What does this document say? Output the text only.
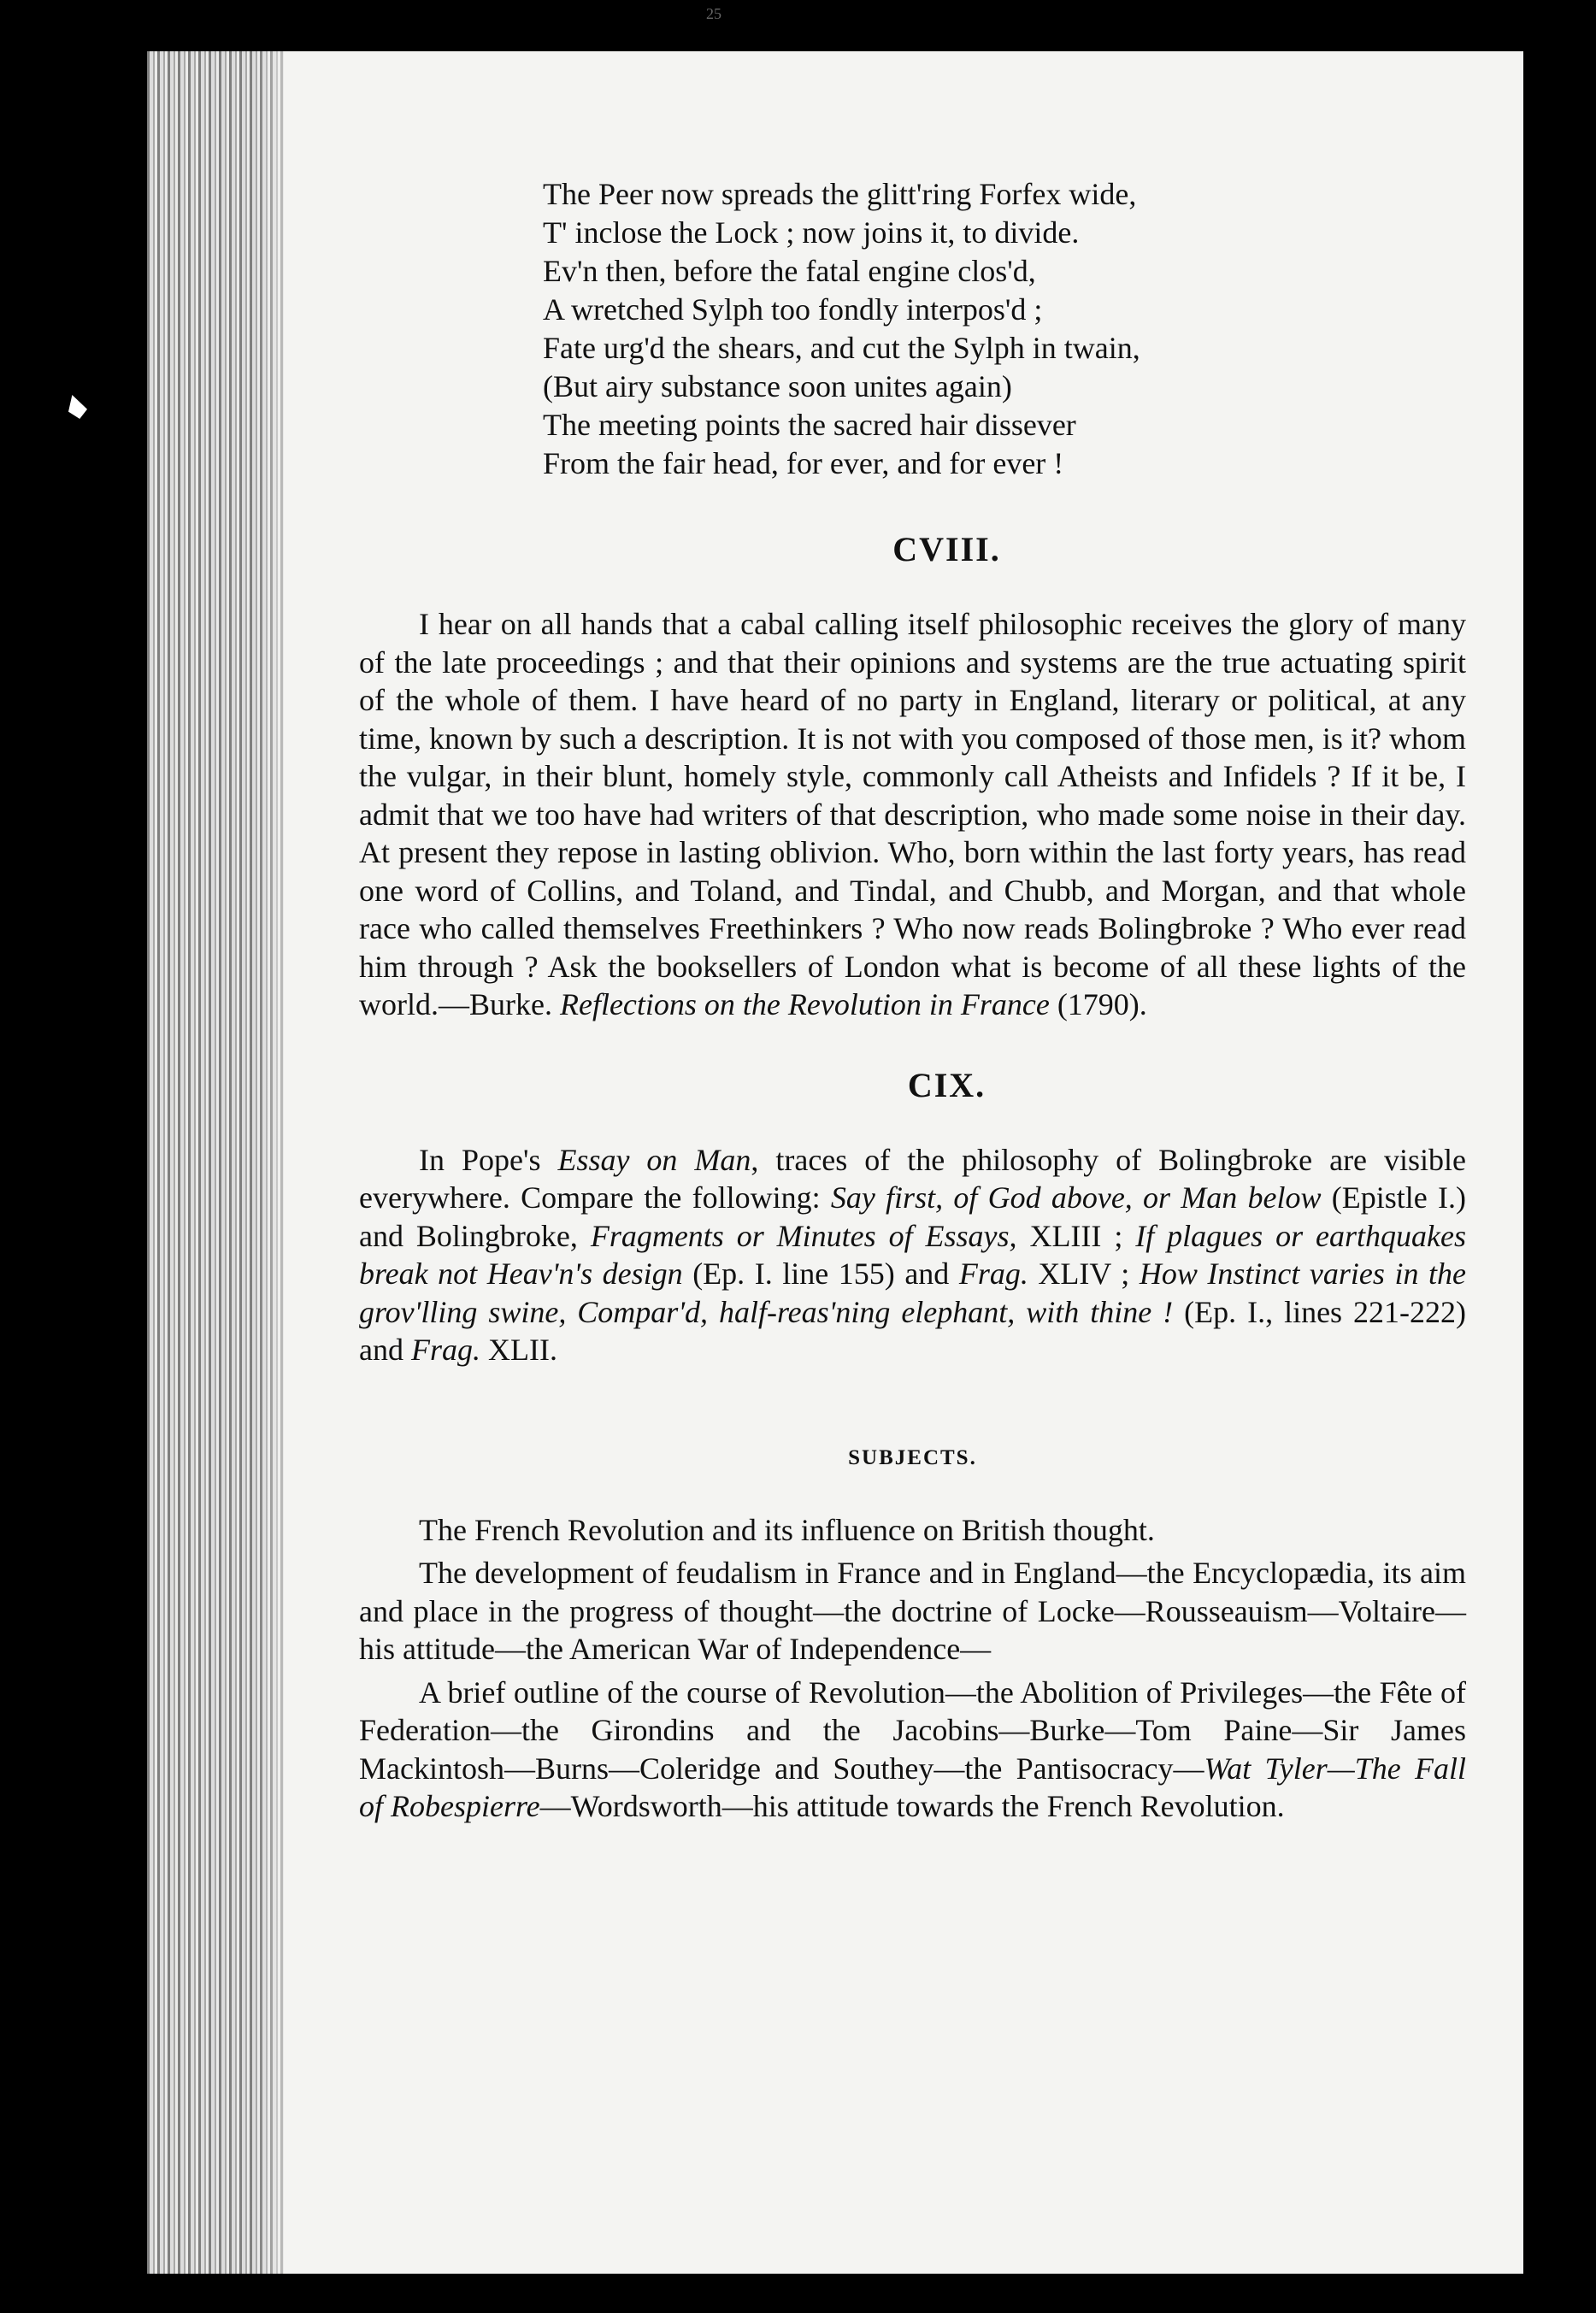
25
The Peer now spreads the glitt'ring Forfex wide,
T' inclose the Lock ; now joins it, to divide.
Ev'n then, before the fatal engine clos'd,
A wretched Sylph too fondly interpos'd ;
Fate urg'd the shears, and cut the Sylph in twain,
(But airy substance soon unites again)
The meeting points the sacred hair dissever
From the fair head, for ever, and for ever !
CVIII.

I hear on all hands that a cabal calling itself philosophic receives the glory of many of the late proceedings ; and that their opinions and systems are the true actuating spirit of the whole of them. I have heard of no party in England, literary or political, at any time, known by such a description. It is not with you composed of those men, is it? whom the vulgar, in their blunt, homely style, commonly call Atheists and Infidels ? If it be, I admit that we too have had writers of that description, who made some noise in their day. At present they repose in lasting oblivion. Who, born within the last forty years, has read one word of Collins, and Toland, and Tindal, and Chubb, and Morgan, and that whole race who called themselves Freethinkers ? Who now reads Bolingbroke ? Who ever read him through ? Ask the booksellers of London what is become of all these lights of the world.—Burke. Reflections on the Revolution in France (1790).

CIX.

In Pope's Essay on Man, traces of the philosophy of Bolingbroke are visible everywhere. Compare the following: Say first, of God above, or Man below (Epistle I.) and Bolingbroke, Fragments or Minutes of Essays, XLIII ; If plagues or earthquakes break not Heav'n's design (Ep. I. line 155) and Frag. XLIV ; How Instinct varies in the grov'lling swine, Compar'd, half-reas'ning elephant, with thine ! (Ep. I., lines 221-222) and Frag. XLII.

SUBJECTS.

The French Revolution and its influence on British thought.

The development of feudalism in France and in England—the Encyclopædia, its aim and place in the progress of thought—the doctrine of Locke—Rousseauism—Voltaire—his attitude—the American War of Independence—

A brief outline of the course of Revolution—the Abolition of Privileges—the Fête of Federation—the Girondins and the Jacobins—Burke—Tom Paine—Sir James Mackintosh—Burns—Coleridge and Southey—the Pantisocracy—Wat Tyler—The Fall of Robespierre—Wordsworth—his attitude towards the French Revolution.
